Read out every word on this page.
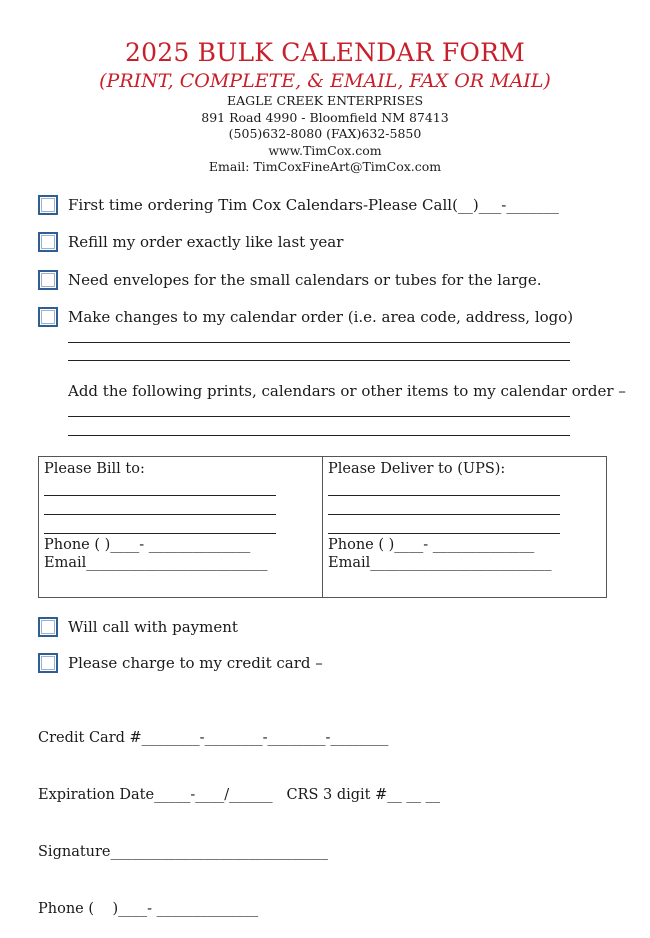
2025 BULK CALENDAR FORM
(PRINT, COMPLETE, & EMAIL, FAX OR MAIL)
EAGLE CREEK ENTERPRISES
891 Road 4990 - Bloomfield NM 87413
(505)632-8080 (FAX)632-5850
www.TimCox.com
Email: TimCoxFineArt@TimCox.com
First time ordering Tim Cox Calendars-Please Call(__)___-_______
Refill my order exactly like last year
Need envelopes for the small calendars or tubes for the large.
Make changes to my calendar order (i.e. area code, address, logo)
Add the following prints, calendars or other items to my calendar order –
Please Bill to:
Phone ( )____- ______________
Email_________________________
Please Deliver to (UPS):
Phone ( )____- ______________
Email_________________________
Will call with payment
Please charge to my credit card –

Credit Card #________-________-________-________

Expiration Date_____-____/______   CRS 3 digit #__ __ __

Signature______________________________

Phone (    )____- ______________
